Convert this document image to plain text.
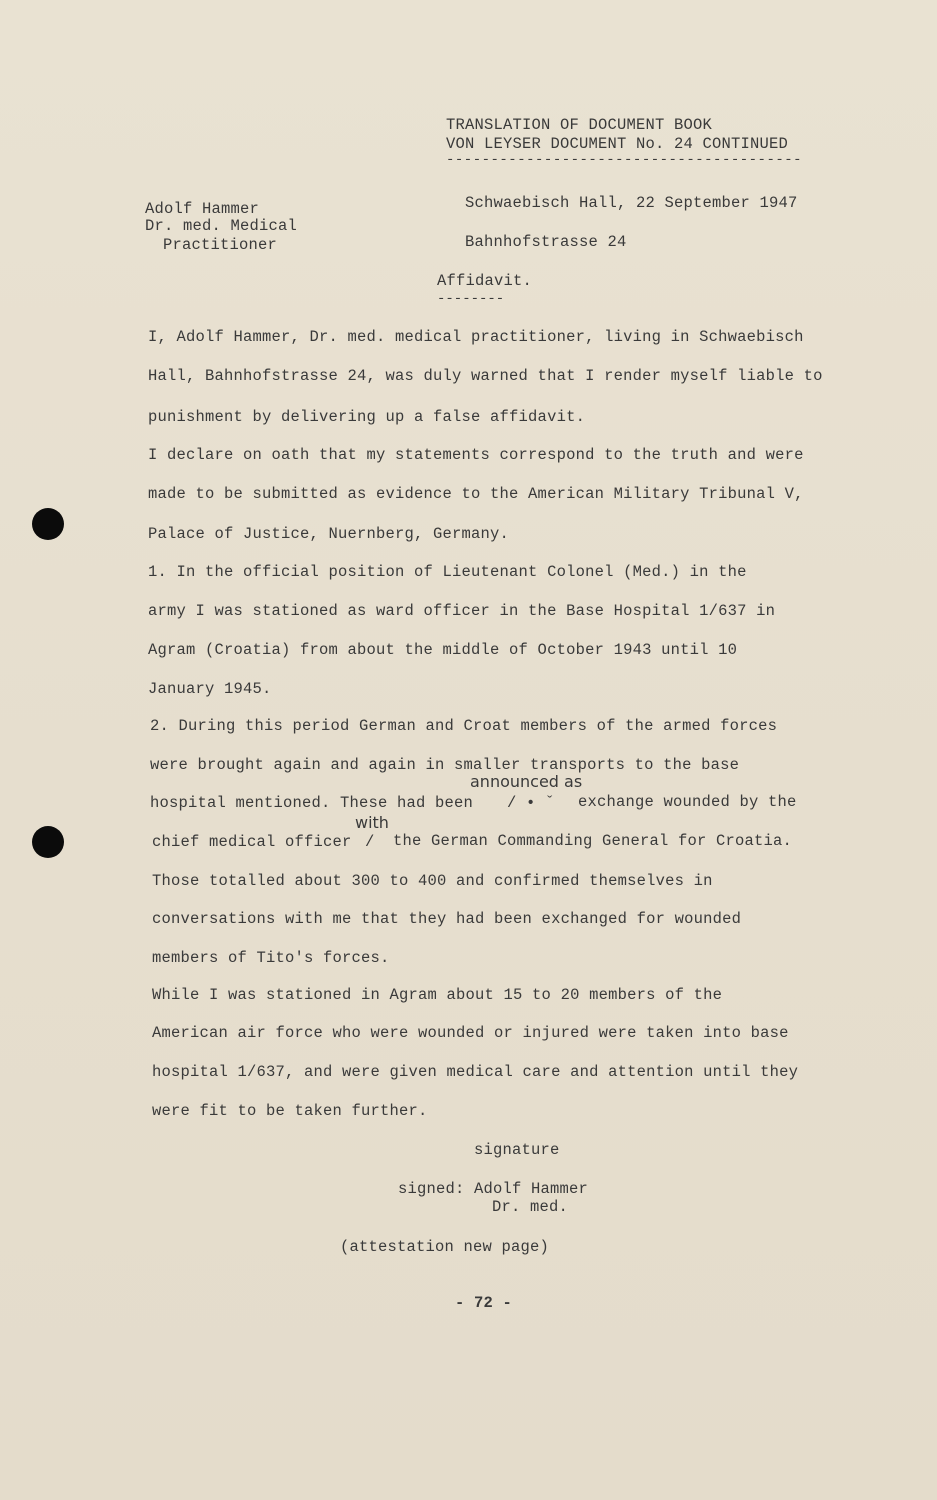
TRANSLATION OF DOCUMENT BOOK
VON LEYSER DOCUMENT No. 24 CONTINUED
----------------------------------------
Adolf Hammer
Dr. med. Medical
Practitioner
Schwaebisch Hall, 22 September 1947
Bahnhofstrasse 24
Affidavit.
--------
I, Adolf Hammer, Dr. med. medical practitioner, living in Schwaebisch
Hall, Bahnhofstrasse 24, was duly warned that I render myself liable to
punishment by delivering up a false affidavit.
I declare on oath that my statements correspond to the truth and were
made to be submitted as evidence to the American Military Tribunal V,
Palace of Justice, Nuernberg, Germany.
1. In the official position of Lieutenant Colonel (Med.) in the
army I was stationed as ward officer in the Base Hospital 1/637 in
Agram (Croatia) from about the middle of October 1943 until 10
January 1945.
2. During this period German and Croat members of the armed forces
were brought again and again in smaller transports to the base
announced as
hospital mentioned. These had been / • ˇ exchange wounded by the
with
chief medical officer / the German Commanding General for Croatia.
Those totalled about 300 to 400 and confirmed themselves in
conversations with me that they had been exchanged for wounded
members of Tito's forces.
While I was stationed in Agram about 15 to 20 members of the
American air force who were wounded or injured were taken into base
hospital 1/637, and were given medical care and attention until they
were fit to be taken further.
signature
signed: Adolf Hammer
Dr. med.
(attestation new page)
- 72 -
